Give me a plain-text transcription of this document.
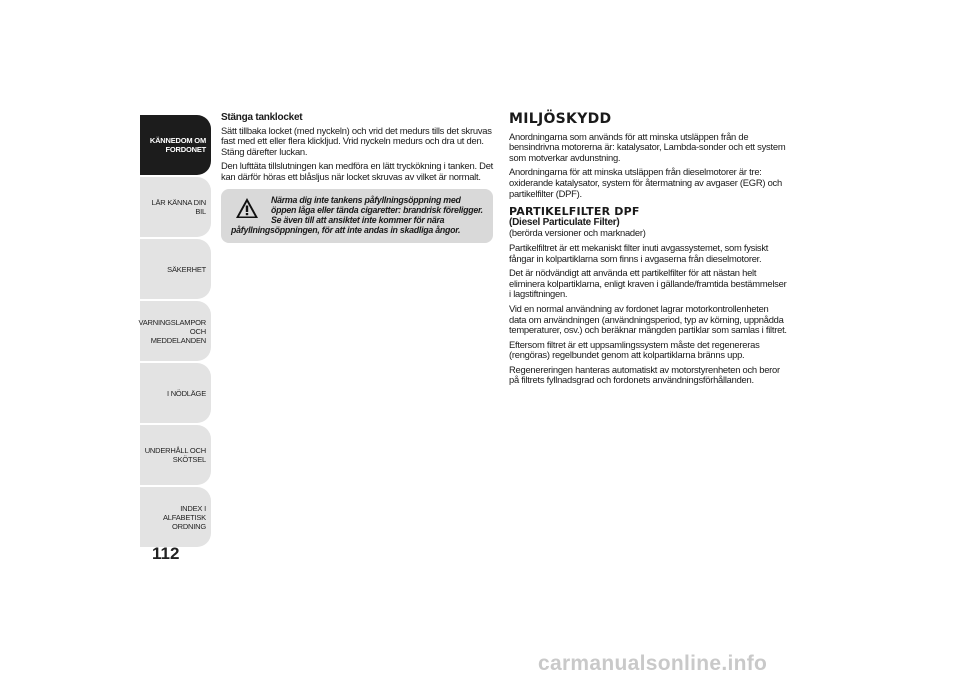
KÄNNEDOM OM FORDONET
LÄR KÄNNA DIN BIL
SÄKERHET
VARNINGSLAMPOR OCH MEDDELANDEN
I NÖDLÄGE
UNDERHÅLL OCH SKÖTSEL
INDEX I ALFABETISK ORDNING
112
Stänga tanklocket

Sätt tillbaka locket (med nyckeln) och vrid det medurs tills det skruvas fast med ett eller flera klickljud. Vrid nyckeln medurs och dra ut den. Stäng därefter luckan.

Den lufttäta tillslutningen kan medföra en lätt tryckökning i tanken. Det kan därför höras ett blåsljus när locket skruvas av vilket är normalt.

Närma dig inte tankens påfyllningsöppning med öppen låga eller tända cigaretter: brandrisk föreligger. Se även till att ansiktet inte kommer för nära
påfyllningsöppningen, för att inte andas in skadliga ångor.
MILJÖSKYDD

Anordningarna som används för att minska utsläppen från de bensindrivna motorerna är: katalysator, Lambda-sonder och ett system som motverkar avdunstning.

Anordningarna för att minska utsläppen från dieselmotorer är tre: oxiderande katalysator, system för återmatning av avgaser (EGR) och partikelfilter (DPF).

PARTIKELFILTER DPF
(Diesel Particulate Filter)

(berörda versioner och marknader)

Partikelfiltret är ett mekaniskt filter inuti avgassystemet, som fysiskt fångar in kolpartiklarna som finns i avgaserna från dieselmotorer.

Det är nödvändigt att använda ett partikelfilter för att nästan helt eliminera kolpartiklarna, enligt kraven i gällande/framtida bestämmelser i lagstiftningen.

Vid en normal användning av fordonet lagrar motorkontrollenheten data om användningen (användningsperiod, typ av körning, uppnådda temperaturer, osv.) och beräknar mängden partiklar som samlas i filtret.

Eftersom filtret är ett uppsamlingssystem måste det regenereras (rengöras) regelbundet genom att kolpartiklarna bränns upp.

Regenereringen hanteras automatiskt av motorstyrenheten och beror på filtrets fyllnadsgrad och fordonets användningsförhållanden.

carmanualsonline.info
